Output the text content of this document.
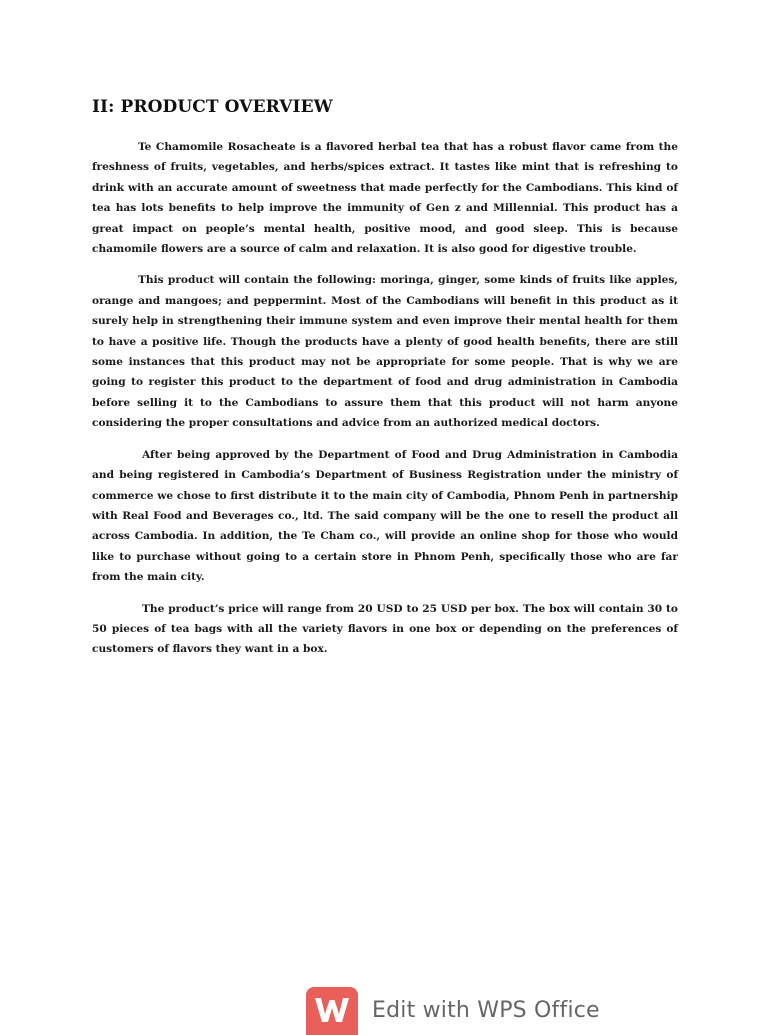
II: PRODUCT OVERVIEW

Te Chamomile Rosacheate is a flavored herbal tea that has a robust flavor came from the freshness of fruits, vegetables, and herbs/spices extract. It tastes like mint that is refreshing to drink with an accurate amount of sweetness that made perfectly for the Cambodians. This kind of tea has lots benefits to help improve the immunity of Gen z and Millennial. This product has a great impact on people’s mental health, positive mood, and good sleep. This is because chamomile flowers are a source of calm and relaxation. It is also good for digestive trouble.

This product will contain the following: moringa, ginger, some kinds of fruits like apples, orange and mangoes; and peppermint. Most of the Cambodians will benefit in this product as it surely help in strengthening their immune system and even improve their mental health for them to have a positive life. Though the products have a plenty of good health benefits, there are still some instances that this product may not be appropriate for some people. That is why we are going to register this product to the department of food and drug administration in Cambodia before selling it to the Cambodians to assure them that this product will not harm anyone considering the proper consultations and advice from an authorized medical doctors.

After being approved by the Department of Food and Drug Administration in Cambodia and being registered in Cambodia’s Department of Business Registration under the ministry of commerce we chose to first distribute it to the main city of Cambodia, Phnom Penh in partnership with Real Food and Beverages co., ltd. The said company will be the one to resell the product all across Cambodia. In addition, the Te Cham co., will provide an online shop for those who would like to purchase without going to a certain store in Phnom Penh, specifically those who are far from the main city.

The product’s price will range from 20 USD to 25 USD per box. The box will contain 30 to 50 pieces of tea bags with all the variety flavors in one box or depending on the preferences of customers of flavors they want in a box.

Edit with WPS Office
